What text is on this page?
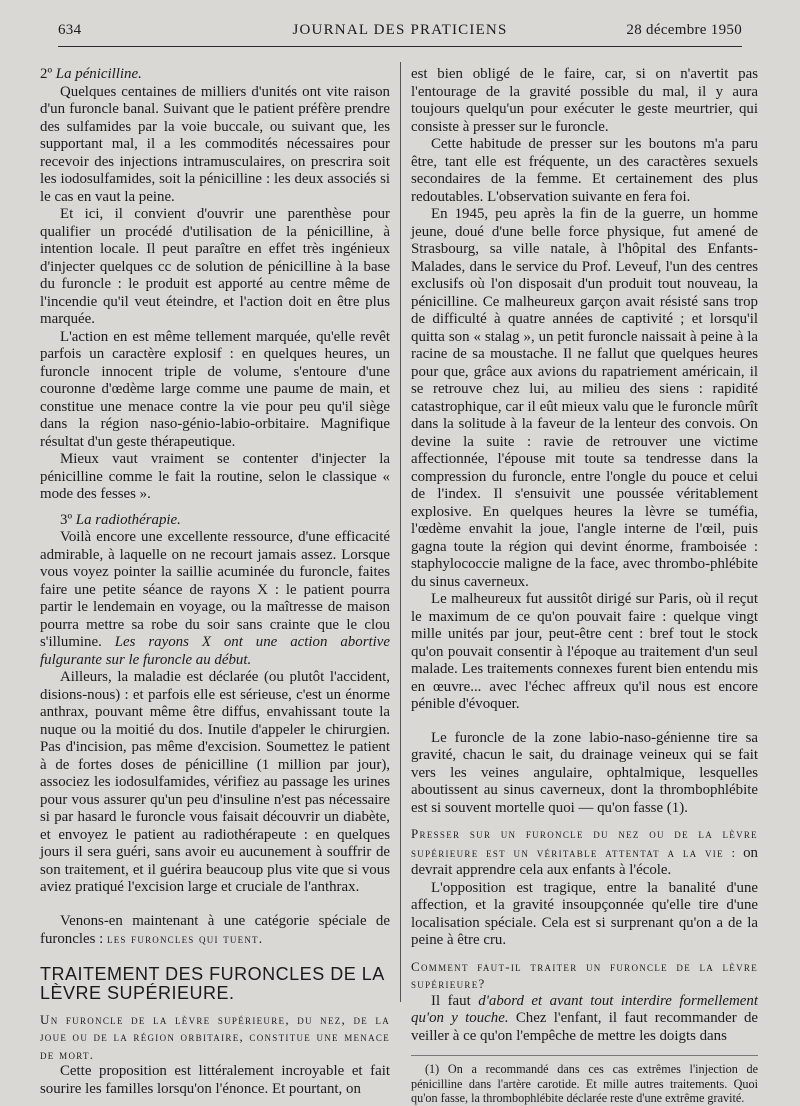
634	JOURNAL DES PRATICIENS	28 décembre 1950

2º La pénicilline.

Quelques centaines de milliers d'unités ont vite raison d'un furoncle banal. Suivant que le patient préfère prendre des sulfamides par la voie buccale, ou suivant que, les supportant mal, il a les commodités nécessaires pour recevoir des injections intramusculaires, on prescrira soit les iodosulfamides, soit la pénicilline : les deux associés si le cas en vaut la peine.

Et ici, il convient d'ouvrir une parenthèse pour qualifier un procédé d'utilisation de la pénicilline, à intention locale. Il peut paraître en effet très ingénieux d'injecter quelques cc de solution de pénicilline à la base du furoncle : le produit est apporté au centre même de l'incendie qu'il veut éteindre, et l'action doit en être plus marquée.

L'action en est même tellement marquée, qu'elle revêt parfois un caractère explosif : en quelques heures, un furoncle innocent triple de volume, s'entoure d'une couronne d'œdème large comme une paume de main, et constitue une menace contre la vie pour peu qu'il siège dans la région naso-génio-labio-orbitaire. Magnifique résultat d'un geste thérapeutique.

Mieux vaut vraiment se contenter d'injecter la pénicilline comme le fait la routine, selon le classique « mode des fesses ».

3º La radiothérapie.

Voilà encore une excellente ressource, d'une efficacité admirable, à laquelle on ne recourt jamais assez. Lorsque vous voyez pointer la saillie acuminée du furoncle, faites faire une petite séance de rayons X : le patient pourra partir le lendemain en voyage, ou la maîtresse de maison pourra mettre sa robe du soir sans crainte que le clou s'illumine. Les rayons X ont une action abortive fulgurante sur le furoncle au début.

Ailleurs, la maladie est déclarée (ou plutôt l'accident, disions-nous) : et parfois elle est sérieuse, c'est un énorme anthrax, pouvant même être diffus, envahissant toute la nuque ou la moitié du dos. Inutile d'appeler le chirurgien. Pas d'incision, pas même d'excision. Soumettez le patient à de fortes doses de pénicilline (1 million par jour), associez les iodosulfamides, vérifiez au passage les urines pour vous assurer qu'un peu d'insuline n'est pas nécessaire si par hasard le furoncle vous faisait découvrir un diabète, et envoyez le patient au radiothérapeute : en quelques jours il sera guéri, sans avoir eu aucunement à souffrir de son traitement, et il guérira beaucoup plus vite que si vous aviez pratiqué l'excision large et cruciale de l'anthrax.

Venons-en maintenant à une catégorie spéciale de furoncles : les furoncles qui tuent.

TRAITEMENT DES FURONCLES DE LA LÈVRE SUPÉRIEURE.

Un furoncle de la lèvre supérieure, du nez, de la joue ou de la région orbitaire, constitue une menace de mort.

Cette proposition est littéralement incroyable et fait sourire les familles lorsqu'on l'énonce. Et pourtant, on

est bien obligé de le faire, car, si on n'avertit pas l'entourage de la gravité possible du mal, il y aura toujours quelqu'un pour exécuter le geste meurtrier, qui consiste à presser sur le furoncle.

Cette habitude de presser sur les boutons m'a paru être, tant elle est fréquente, un des caractères sexuels secondaires de la femme. Et certainement des plus redoutables. L'observation suivante en fera foi.

En 1945, peu après la fin de la guerre, un homme jeune, doué d'une belle force physique, fut amené de Strasbourg, sa ville natale, à l'hôpital des Enfants-Malades, dans le service du Prof. Leveuf, l'un des centres exclusifs où l'on disposait d'un produit tout nouveau, la pénicilline. Ce malheureux garçon avait résisté sans trop de difficulté à quatre années de captivité ; et lorsqu'il quitta son « stalag », un petit furoncle naissait à peine à la racine de sa moustache. Il ne fallut que quelques heures pour que, grâce aux avions du rapatriement américain, il se retrouve chez lui, au milieu des siens : rapidité catastrophique, car il eût mieux valu que le furoncle mûrît dans la solitude à la faveur de la lenteur des convois. On devine la suite : ravie de retrouver une victime affectionnée, l'épouse mit toute sa tendresse dans la compression du furoncle, entre l'ongle du pouce et celui de l'index. Il s'ensuivit une poussée véritablement explosive. En quelques heures la lèvre se tuméfia, l'œdème envahit la joue, l'angle interne de l'œil, puis gagna toute la région qui devint énorme, framboisée : staphylococcie maligne de la face, avec thrombo-phlébite du sinus caverneux.

Le malheureux fut aussitôt dirigé sur Paris, où il reçut le maximum de ce qu'on pouvait faire : quelque vingt mille unités par jour, peut-être cent : bref tout le stock qu'on pouvait consentir à l'époque au traitement d'un seul malade. Les traitements connexes furent bien entendu mis en œuvre... avec l'échec affreux qu'il nous est encore pénible d'évoquer.

Le furoncle de la zone labio-naso-génienne tire sa gravité, chacun le sait, du drainage veineux qui se fait vers les veines angulaire, ophtalmique, lesquelles aboutissent au sinus caverneux, dont la thrombophlébite est si souvent mortelle quoi — qu'on fasse (1).

Presser sur un furoncle du nez ou de la lèvre supérieure est un véritable attentat a la vie : on devrait apprendre cela aux enfants à l'école.

L'opposition est tragique, entre la banalité d'une affection, et la gravité insoupçonnée qu'elle tire d'une localisation spéciale. Cela est si surprenant qu'on a de la peine à être cru.

Comment faut-il traiter un furoncle de la lèvre supérieure?

Il faut d'abord et avant tout interdire formellement qu'on y touche. Chez l'enfant, il faut recommander de veiller à ce qu'on l'empêche de mettre les doigts dans

(1) On a recommandé dans ces cas extrêmes l'injection de pénicilline dans l'artère carotide. Et mille autres traitements. Quoi qu'on fasse, la thrombophlébite déclarée reste d'une extrême gravité.
